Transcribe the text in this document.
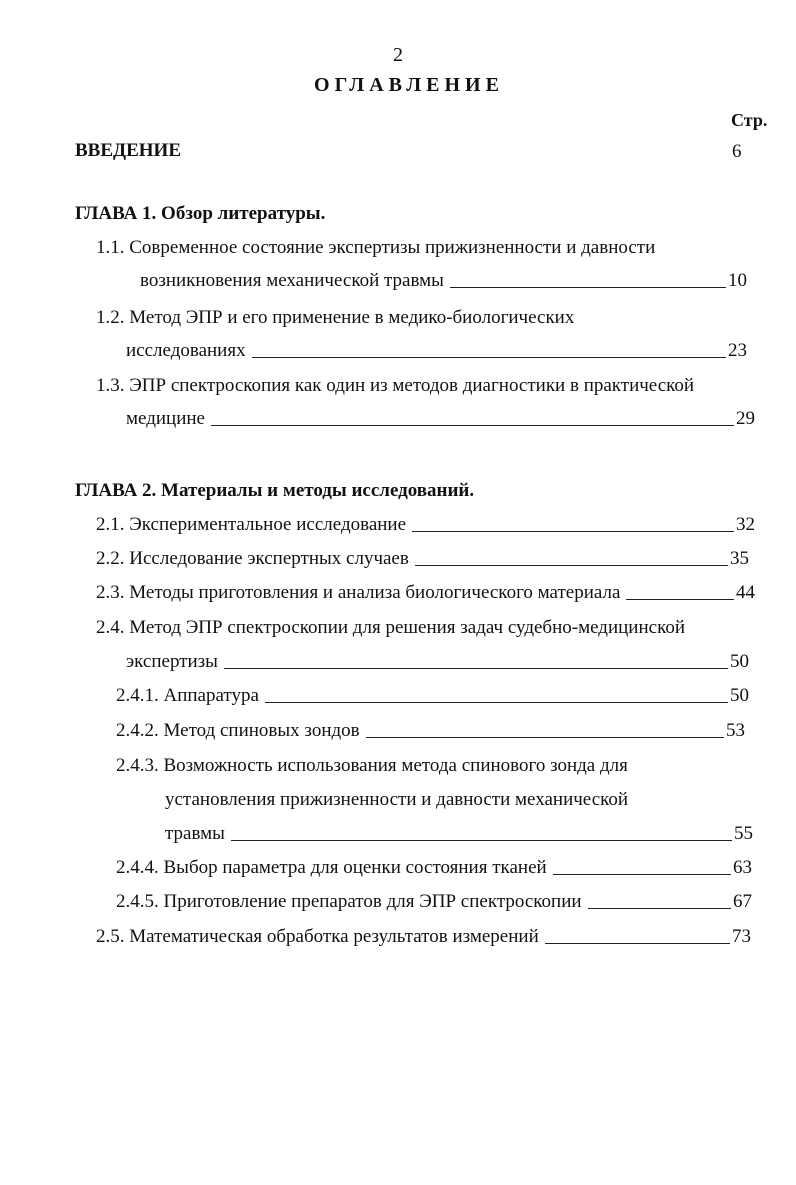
2
ОГЛАВЛЕНИЕ
Стр.
ВВЕДЕНИЕ	6
ГЛАВА 1. Обзор литературы.
1.1. Современное состояние экспертизы прижизненности и давности
возникновения механической травмы	10
1.2. Метод ЭПР и его применение в медико-биологических
исследованиях	23
1.3. ЭПР спектроскопия как один из методов диагностики в практической
медицине	29
ГЛАВА 2. Материалы и методы исследований.
2.1. Экспериментальное исследование	32
2.2. Исследование экспертных случаев	35
2.3. Методы приготовления и анализа биологического материала	44
2.4. Метод ЭПР спектроскопии для решения задач судебно-медицинской
экспертизы	50
2.4.1. Аппаратура	50
2.4.2. Метод спиновых зондов	53
2.4.3. Возможность использования метода спинового зонда для
установления прижизненности и давности механической
травмы	55
2.4.4. Выбор параметра для оценки состояния тканей	63
2.4.5. Приготовление препаратов для ЭПР спектроскопии	67
2.5. Математическая обработка результатов измерений	73
